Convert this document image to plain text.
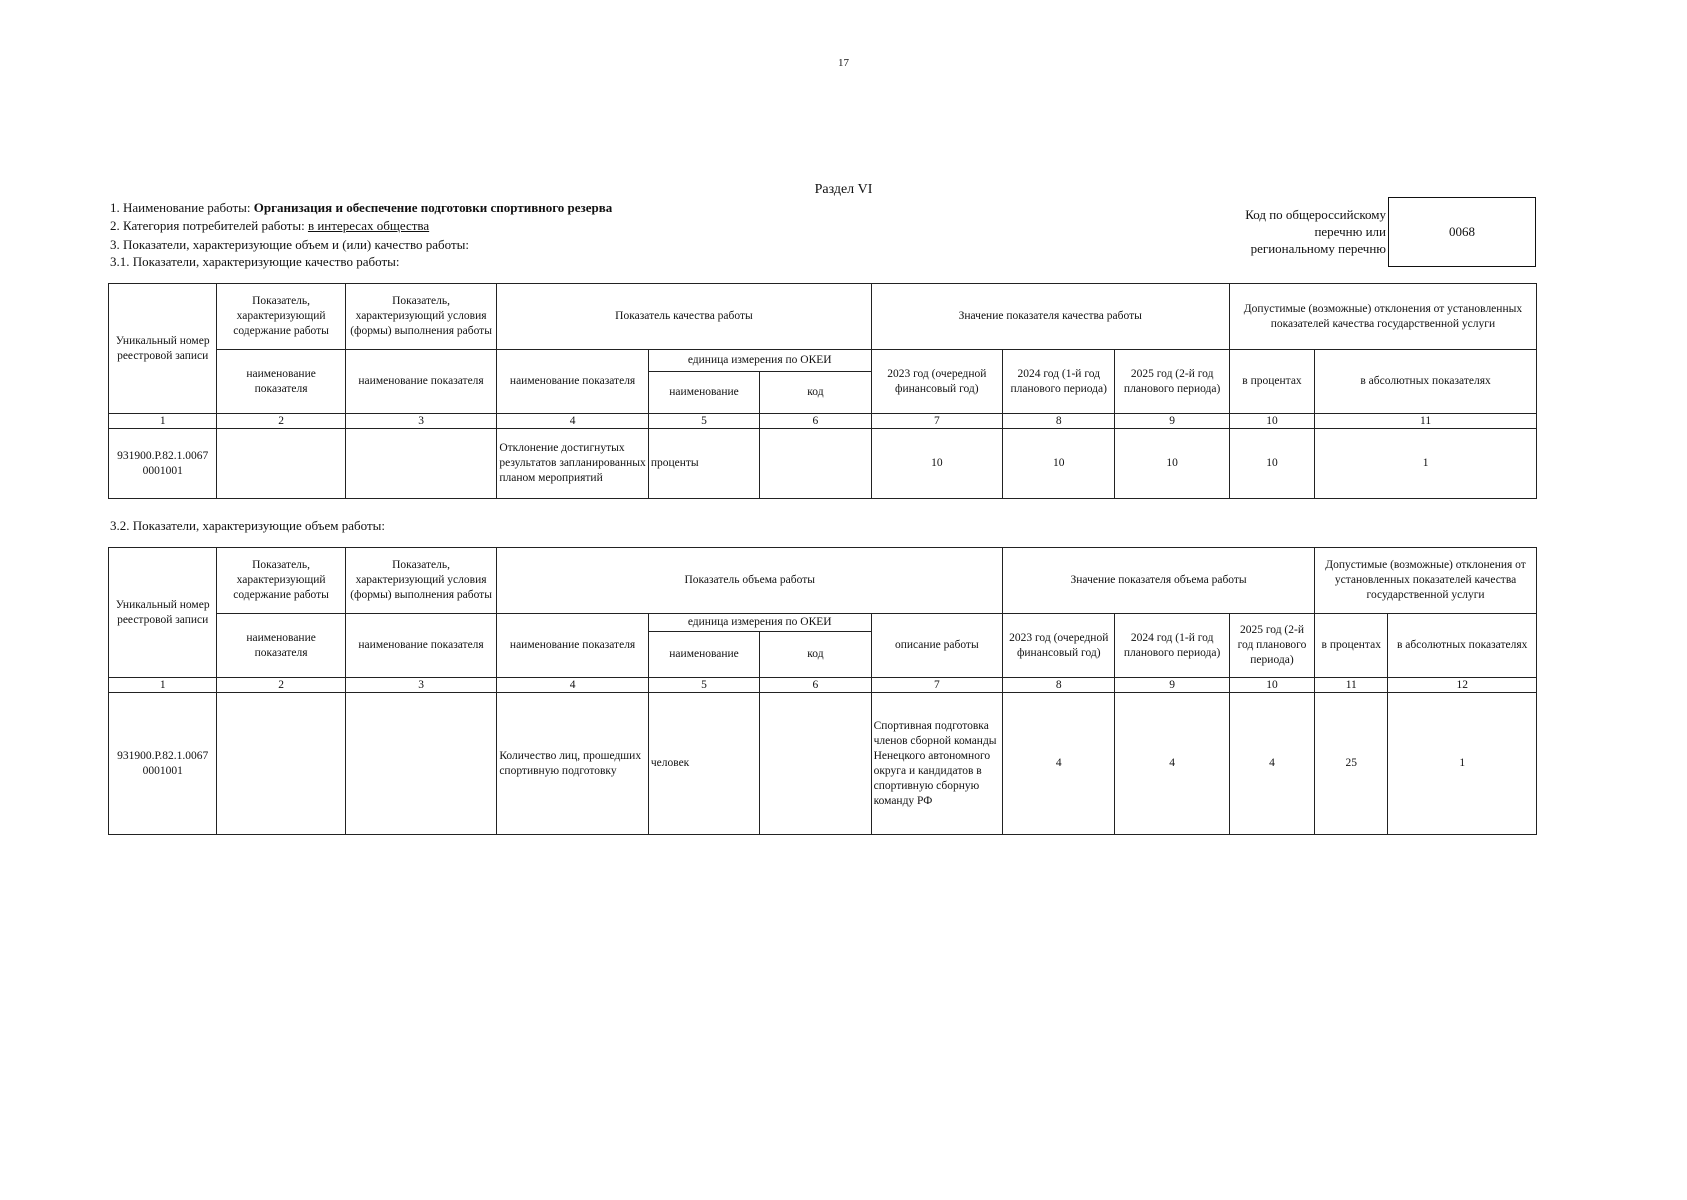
17
Раздел VI
1. Наименование работы: Организация и обеспечение подготовки спортивного резерва
2. Категория потребителей работы: в интересах общества
3. Показатели, характеризующие объем и (или) качество работы:
3.1. Показатели, характеризующие качество работы:
Код по общероссийскому
перечню или
региональному перечню
0068
Уникальный номер реестровой записи	Показатель, характеризующий содержание работы	Показатель, характеризующий условия (формы) выполнения работы	Показатель качества работы			Значение показателя качества работы			Допустимые (возможные) отклонения от установленных показателей качества государственной услуги	
	наименование показателя	наименование показателя	наименование показателя	единица измерения по ОКЕИ		2023 год (очередной финансовый год)	2024 год (1-й год планового периода)	2025 год (2-й год планового периода)	в процентах	в абсолютных показателях
				наименование	код					
1	2	3	4	5	6	7	8	9	10	11
931900.Р.82.1.0067 0001001			Отклонение достигнутых результатов запланированных планом мероприятий	проценты		10	10	10	10	1
3.2. Показатели, характеризующие объем работы:
Уникальный номер реестровой записи	Показатель, характеризующий содержание работы	Показатель, характеризующий условия (формы) выполнения работы	Показатель объема работы				Значение показателя объема работы			Допустимые (возможные) отклонения от установленных показателей качества государственной услуги	
	наименование показателя	наименование показателя	наименование показателя	единица измерения по ОКЕИ		описание работы	2023 год (очередной финансовый год)	2024 год (1-й год планового периода)	2025 год (2-й год планового периода)	в процентах	в абсолютных показателях
				наименование	код						
1	2	3	4	5	6	7	8	9	10	11	12
931900.Р.82.1.0067 0001001			Количество лиц, прошедших спортивную подготовку	человек		Спортивная подготовка членов сборной команды Ненецкого автономного округа и кандидатов в спортивную сборную команду РФ	4	4	4	25	1
